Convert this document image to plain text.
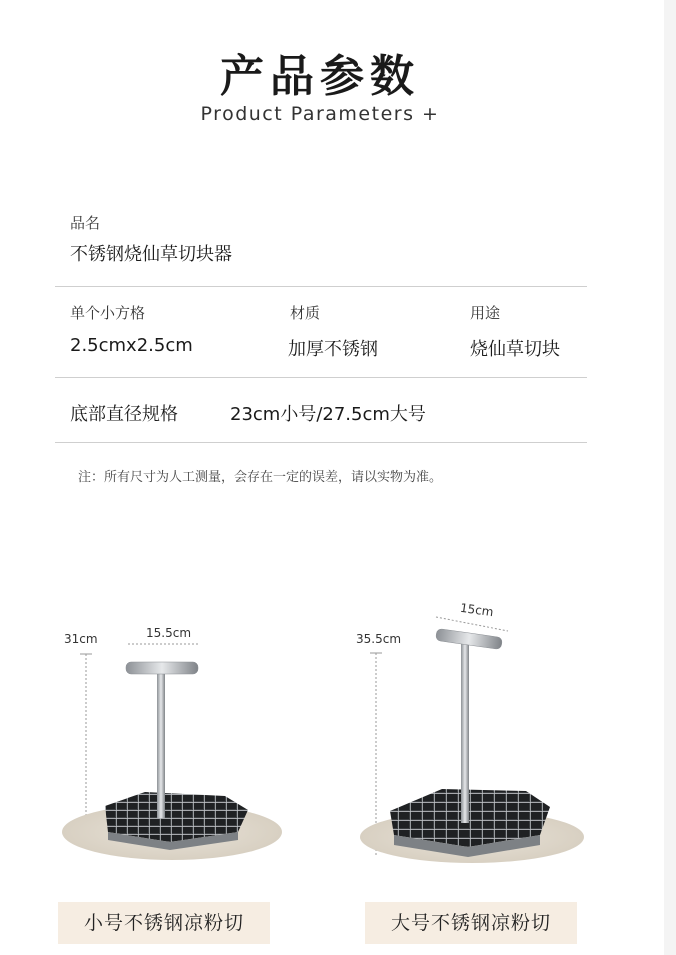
产品参数
Product Parameters +
品名
不锈钢烧仙草切块器
单个小方格
2.5cmx2.5cm
材质
加厚不锈钢
用途
烧仙草切块
底部直径规格	23cm小号/27.5cm大号
注：所有尺寸为人工测量，会存在一定的误差，请以实物为准。
31cm	15.5cm	35.5cm
15cm
小号不锈钢凉粉切	大号不锈钢凉粉切
